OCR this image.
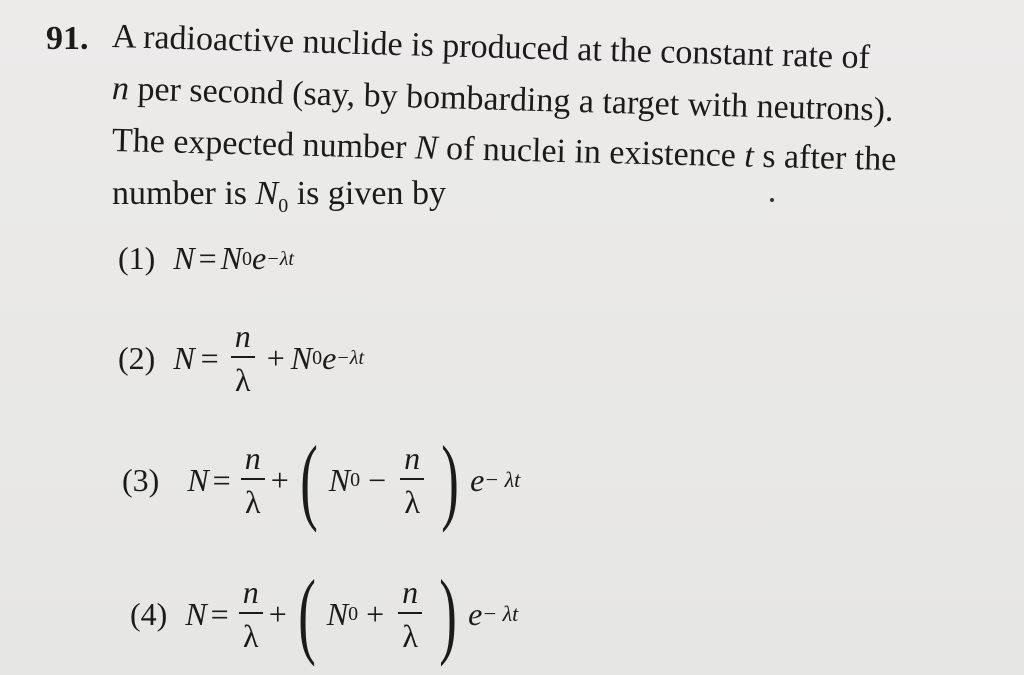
91. A radioactive nuclide is produced at the constant rate of
n per second (say, by bombarding a target with neutrons).
The expected number N of nuclei in existence t s after the
number is $N_0$ is given by
(1) N = N 0 e −λt
(2) $N = \frac{n}{\lambda} + N$ 0 e −λt
(3) $N = \frac{n}{\lambda}$ + ( N $0 - \frac{n}{\lambda}$ ) e − λt
(4) $N = \frac{n}{\lambda}$ + ( N $0 + \frac{n}{\lambda}$ ) e − λt
